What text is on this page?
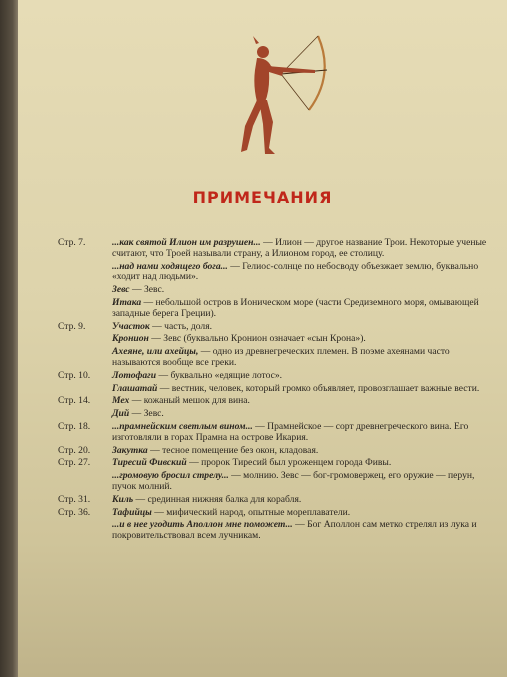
ПРИМЕЧАНИЯ
Стр. 7.	...как святой Илион им разрушен... — Илион — другое название Трои. Некоторые ученые считают, что Троей называли страну, а Илионом город, ее столицу.
...над нами ходящего бога... — Гелиос-солнце по небосводу объезжает землю, буквально «ходит над людьми».
Зевс — Зевс.
Итака — небольшой остров в Ионическом море (части Средиземного моря, омывающей западные берега Греции).
Стр. 9.	Участок — часть, доля.
Кронион — Зевс (буквально Кронион означает «сын Крона»).
Ахеяне, или ахейцы, — одно из древнегреческих племен. В поэме ахеянами часто называются вообще все греки.
Стр. 10.	Лотофаги — буквально «едящие лотос».
Глашатай — вестник, человек, который громко объявляет, провозглашает важные вести.
Стр. 14.	Мех — кожаный мешок для вина.
Дий — Зевс.
Стр. 18.	...прамнейским светлым вином... — Прамнейское — сорт древнегреческого вина. Его изготовляли в горах Прамна на острове Икария.
Стр. 20.	Закутка — тесное помещение без окон, кладовая.
Стр. 27.	Тиресий Фивский — пророк Тиресий был уроженцем города Фивы.
...громовую бросил стрелу... — молнию. Зевс — бог-громовержец, его оружие — перун, пучок молний.
Стр. 31.	Киль — срединная нижняя балка для корабля.
Стр. 36.	Тафийцы — мифический народ, опытные мореплаватели.
...и в нее угодить Аполлон мне поможет... — Бог Аполлон сам метко стрелял из лука и покровительствовал всем лучникам.
